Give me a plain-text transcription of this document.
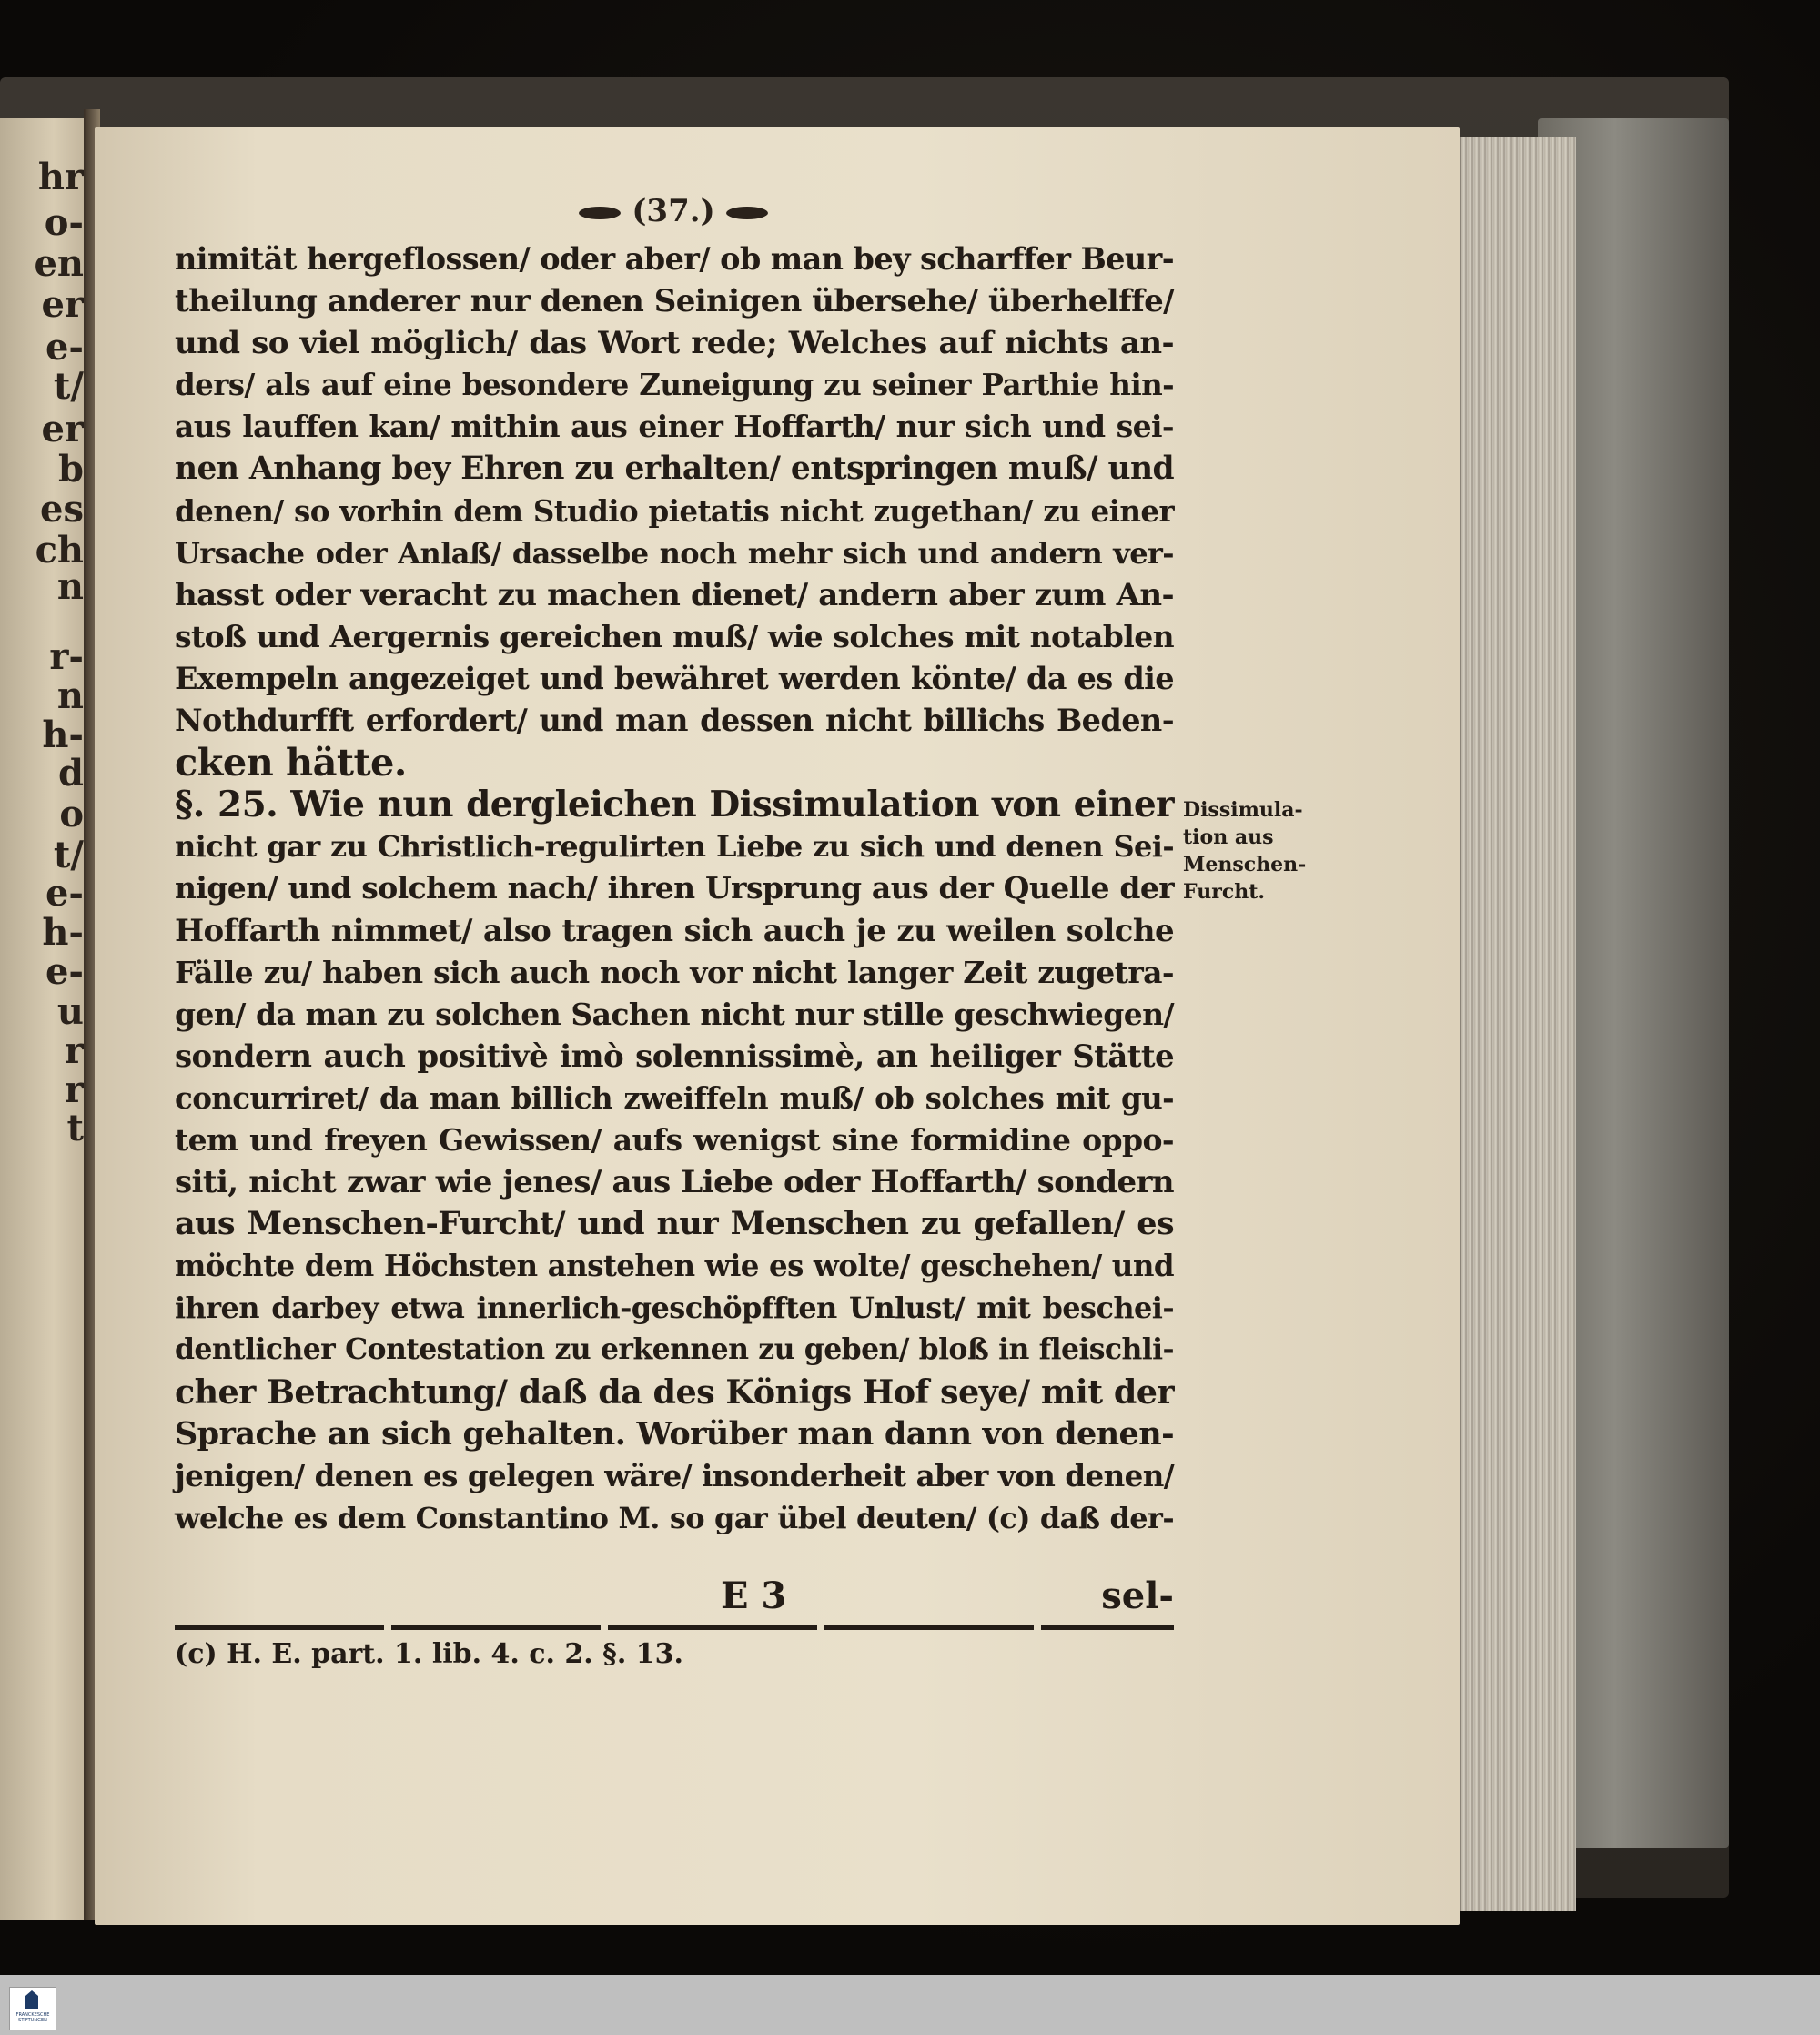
hr
o-
en
er
e-
t/
er
b
es
ch
n
r-
n
h-
d
o
t/
e-
h-
e-
u
r
r
t
(37.)
nimität hergeflossen/ oder aber/ ob man bey scharffer Beur-
theilung anderer nur denen Seinigen übersehe/ überhelffe/
und so viel möglich/ das Wort rede; Welches auf nichts an-
ders/ als auf eine besondere Zuneigung zu seiner Parthie hin-
aus lauffen kan/ mithin aus einer Hoffarth/ nur sich und sei-
nen Anhang bey Ehren zu erhalten/ entspringen muß/ und
denen/ so vorhin dem Studio pietatis nicht zugethan/ zu einer
Ursache oder Anlaß/ dasselbe noch mehr sich und andern ver-
hasst oder veracht zu machen dienet/ andern aber zum An-
stoß und Aergernis gereichen muß/ wie solches mit notablen
Exempeln angezeiget und bewähret werden könte/ da es die
Nothdurfft erfordert/ und man dessen nicht billichs Beden-
cken hätte.
§. 25. Wie nun dergleichen Dissimulation von einer
nicht gar zu Christlich-regulirten Liebe zu sich und denen Sei-
nigen/ und solchem nach/ ihren Ursprung aus der Quelle der
Hoffarth nimmet/ also tragen sich auch je zu weilen solche
Fälle zu/ haben sich auch noch vor nicht langer Zeit zugetra-
gen/ da man zu solchen Sachen nicht nur stille geschwiegen/
sondern auch positivè imò solennissimè, an heiliger Stätte
concurriret/ da man billich zweiffeln muß/ ob solches mit gu-
tem und freyen Gewissen/ aufs wenigst sine formidine oppo-
siti, nicht zwar wie jenes/ aus Liebe oder Hoffarth/ sondern
aus Menschen-Furcht/ und nur Menschen zu gefallen/ es
möchte dem Höchsten anstehen wie es wolte/ geschehen/ und
ihren darbey etwa innerlich-geschöpfften Unlust/ mit beschei-
dentlicher Contestation zu erkennen zu geben/ bloß in fleischli-
cher Betrachtung/ daß da des Königs Hof seye/ mit der
Sprache an sich gehalten. Worüber man dann von denen-
jenigen/ denen es gelegen wäre/ insonderheit aber von denen/
welche es dem Constantino M. so gar übel deuten/ (c) daß der-
Dissimula-
tion aus
Menschen-
Furcht.
E 3	sel-
(c) H. E. part. 1. lib. 4. c. 2. §. 13.
FRANCKESCHE
STIFTUNGEN
